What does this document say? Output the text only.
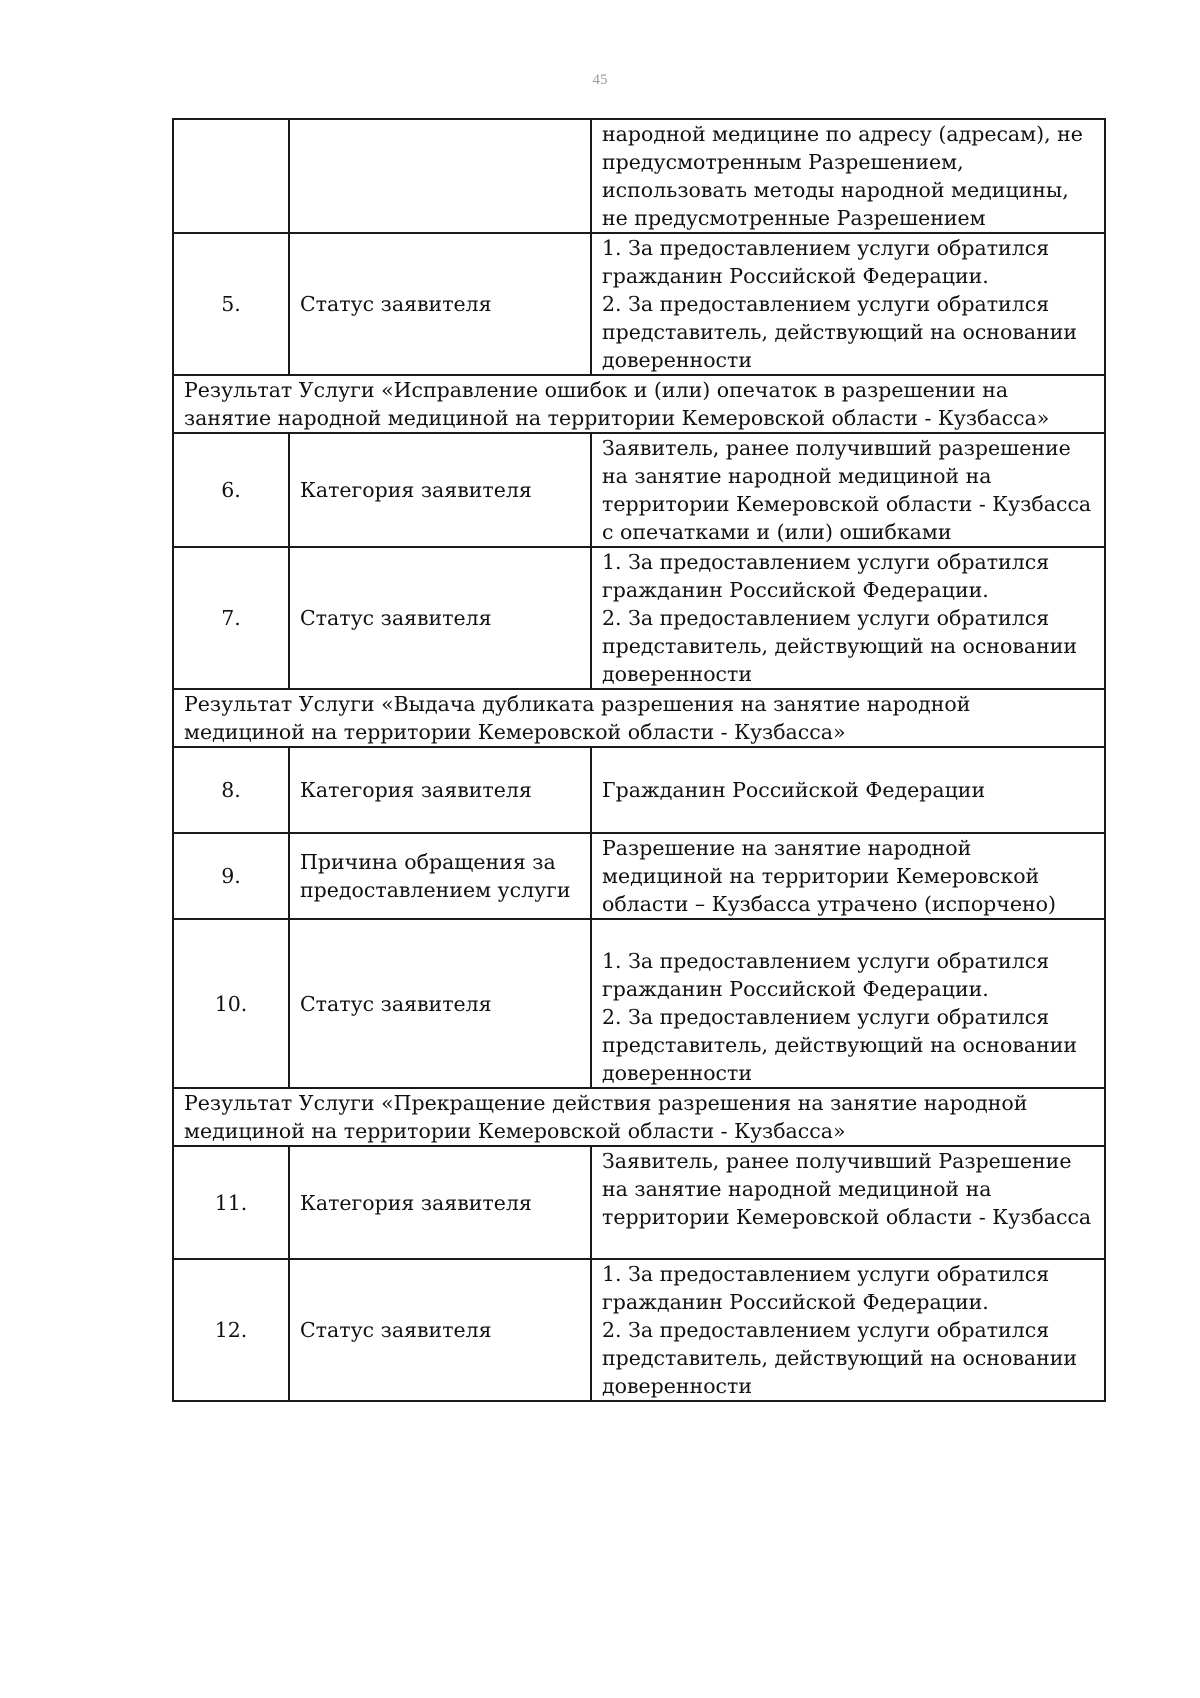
45
		народной медицине по адресу (адресам), не предусмотренным Разрешением, использовать методы народной медицины, не предусмотренные Разрешением
5.	Статус заявителя	1. За предоставлением услуги обратился гражданин Российской Федерации.
2. За предоставлением услуги обратился представитель, действующий на основании доверенности
Результат Услуги «Исправление ошибок и (или) опечаток в разрешении на занятие народной медициной на территории Кемеровской области - Кузбасса»		
6.	Категория заявителя	Заявитель, ранее получивший разрешение на занятие народной медициной на территории Кемеровской области - Кузбасса с опечатками и (или) ошибками
7.	Статус заявителя	1. За предоставлением услуги обратился гражданин Российской Федерации.
2. За предоставлением услуги обратился представитель, действующий на основании доверенности
Результат Услуги «Выдача дубликата разрешения на занятие народной медициной на территории Кемеровской области - Кузбасса»		
8.	Категория заявителя	Гражданин Российской Федерации
9.	Причина обращения за предоставлением услуги	Разрешение на занятие народной медициной на территории Кемеровской области – Кузбасса утрачено (испорчено)
10.	Статус заявителя	1. За предоставлением услуги обратился гражданин Российской Федерации.
2. За предоставлением услуги обратился представитель, действующий на основании доверенности
Результат Услуги «Прекращение действия разрешения на занятие народной медициной на территории Кемеровской области - Кузбасса»		
11.	Категория заявителя	Заявитель, ранее получивший Разрешение на занятие народной медициной на территории Кемеровской области - Кузбасса
12.	Статус заявителя	1. За предоставлением услуги обратился гражданин Российской Федерации.
2. За предоставлением услуги обратился представитель, действующий на основании доверенности
